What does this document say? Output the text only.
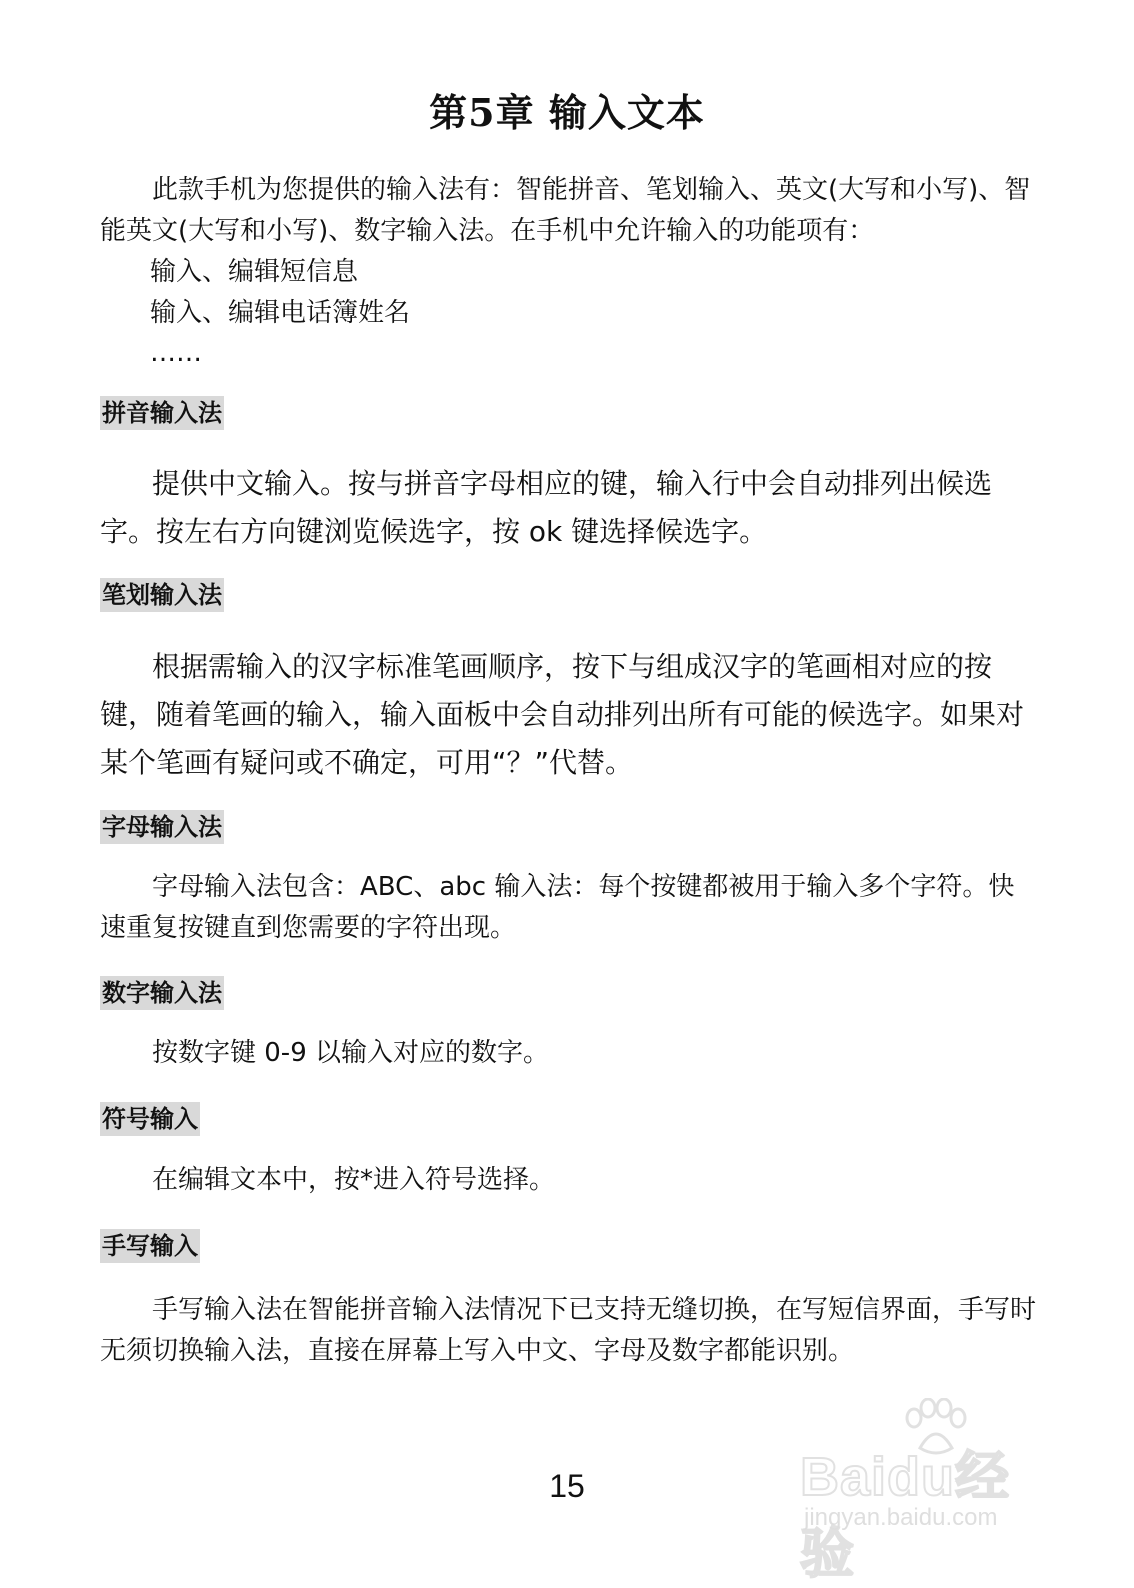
第5章 输入文本

此款手机为您提供的输入法有：智能拼音、笔划输入、英文(大写和小写)、智能英文(大写和小写)、数字输入法。在手机中允许输入的功能项有：

输入、编辑短信息
输入、编辑电话簿姓名
……
拼音输入法

提供中文输入。按与拼音字母相应的键，输入行中会自动排列出候选字。按左右方向键浏览候选字，按 ok 键选择候选字。

笔划输入法

根据需输入的汉字标准笔画顺序，按下与组成汉字的笔画相对应的按键，随着笔画的输入，输入面板中会自动排列出所有可能的候选字。如果对某个笔画有疑问或不确定，可用“？”代替。

字母输入法

字母输入法包含：ABC、abc 输入法：每个按键都被用于输入多个字符。快速重复按键直到您需要的字符出现。

数字输入法

按数字键 0-9 以输入对应的数字。

符号输入

在编辑文本中，按*进入符号选择。

手写输入

手写输入法在智能拼音输入法情况下已支持无缝切换，在写短信界面，手写时无须切换输入法，直接在屏幕上写入中文、字母及数字都能识别。

15	Baidu经验
jingyan.baidu.com
